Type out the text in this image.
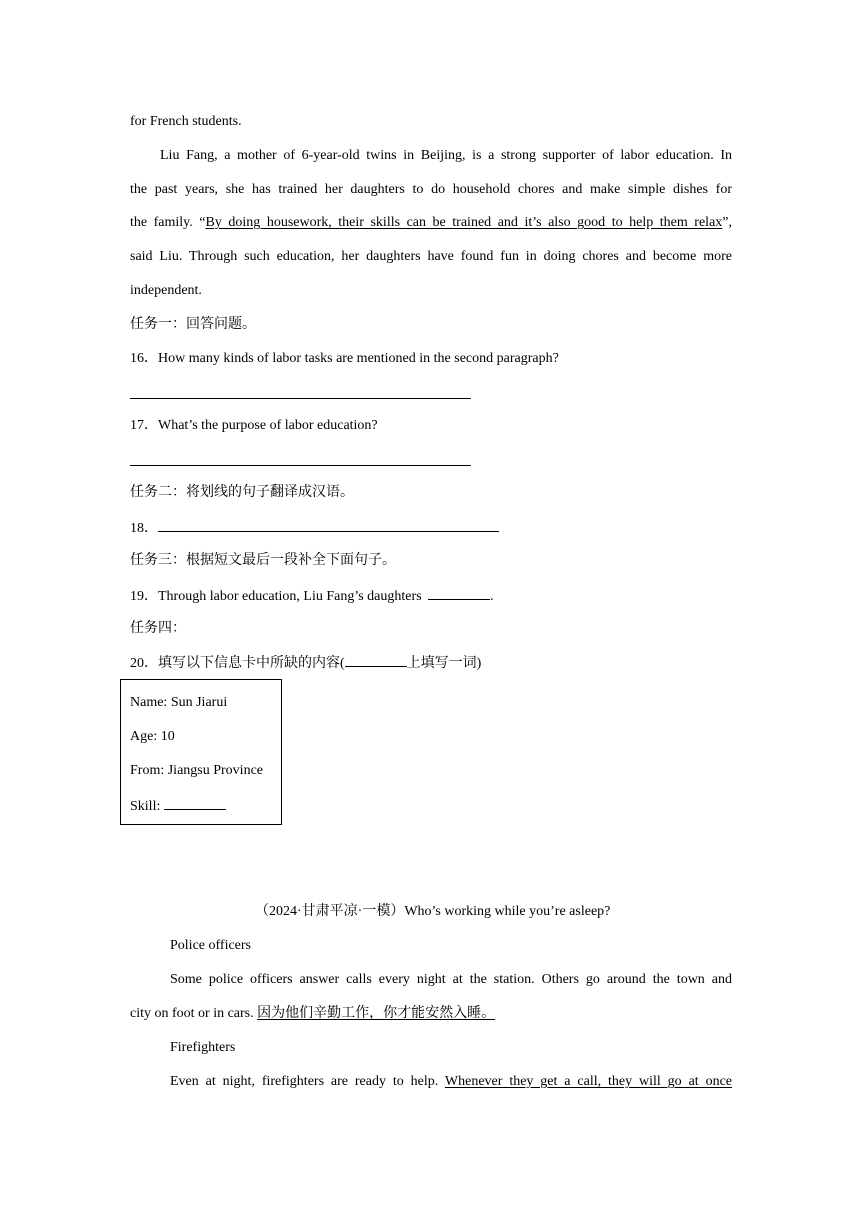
for French students.
Liu Fang, a mother of 6-year-old twins in Beijing, is a strong supporter of labor education. In
the past years, she has trained her daughters to do household chores and make simple dishes for
the family. “By doing housework, their skills can be trained and it’s also good to help them relax”,
said Liu. Through such education, her daughters have found fun in doing chores and become more
independent.
任务一：回答问题。
16．How many kinds of labor tasks are mentioned in the second paragraph?
17．What’s the purpose of labor education?
任务二：将划线的句子翻译成汉语。
18．
任务三：根据短文最后一段补全下面句子。
19．Through labor education, Liu Fang’s daughters	.
任务四：
20．填写以下信息卡中所缺的内容(	上填写一词)
Name: Sun Jiarui
Age: 10
From: Jiangsu Province
Skill:
（2024·甘肃平凉·一模）Who’s working while you’re asleep?
Police officers
Some police officers answer calls every night at the station. Others go around the town and
city on foot or in cars. 因为他们辛勤工作，你才能安然入睡。
Firefighters
Even at night, firefighters are ready to help. Whenever they get a call, they will go at once
